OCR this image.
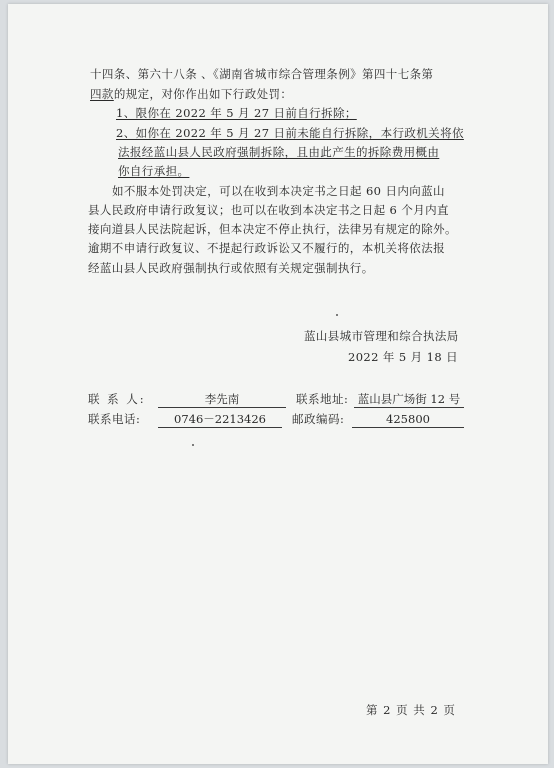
十四条、第六十八条 、《湖南省城市综合管理条例》第四十七条第
四款的规定，对你作出如下行政处罚：
1、限你在 2022 年 5 月 27 日前自行拆除；
2、如你在 2022 年 5 月 27 日前未能自行拆除，本行政机关将依
法报经蓝山县人民政府强制拆除，且由此产生的拆除费用概由
你自行承担。
如不服本处罚决定，可以在收到本决定书之日起 60 日内向蓝山
县人民政府申请行政复议；也可以在收到本决定书之日起 6 个月内直
接向道县人民法院起诉，但本决定不停止执行，法律另有规定的除外。
逾期不申请行政复议、不提起行政诉讼又不履行的，本机关将依法报
经蓝山县人民政府强制执行或依照有关规定强制执行。
蓝山县城市管理和综合执法局
2022 年 5 月 18 日
联 系 人:	李先南	联系地址: 蓝山县广场街 12 号
联系电话:	0746－2213426	邮政编码:	425800
第 2 页 共 2 页
